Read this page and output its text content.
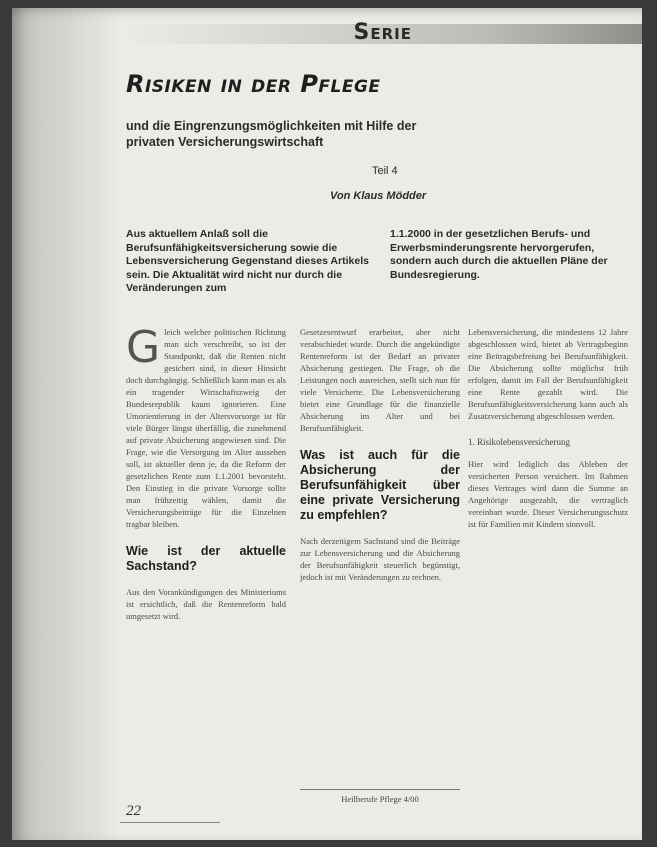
Serie
Risiken in der Pflege
und die Eingrenzungsmöglichkeiten mit Hilfe der privaten Versicherungswirtschaft
Teil 4
Von Klaus Mödder
Aus aktuellem Anlaß soll die Berufsunfähigkeitsversicherung sowie die Lebensversicherung Gegenstand dieses Artikels sein. Die Aktualität wird nicht nur durch die Veränderungen zum
1.1.2000 in der gesetzlichen Berufs- und Erwerbsminderungsrente hervorgerufen, sondern auch durch die aktuellen Pläne der Bundesregierung.
G leich welcher politischen Richtung man sich verschreibt, so ist der Standpunkt, daß die Renten nicht gesichert sind, in dieser Hinsicht doch durchgängig. Schließlich kann man es als ein tragender Wirtschaftszweig der Bundesrepublik kaum ignorieren. Eine Umorientierung in der Altersvorsorge ist für viele Bürger längst überfällig, die zunehmend auf private Absicherung angewiesen sind. Die Frage, wie die Versorgung im Alter aussehen soll, ist aktueller denn je, da die Reform der gesetzlichen Rente zum 1.1.2001 bevorsteht. Den Einstieg in die private Vorsorge sollte man frühzeitig wählen, damit die Versicherungsbeiträge für die Einzelnen tragbar bleiben.

Wie ist der aktuelle Sachstand?

Aus den Vorankündigungen des Ministeriums ist ersichtlich, daß die Rentenreform bald umgesetzt wird.

Gesetzesentwurf erarbeitet, aber nicht verabschiedet wurde. Durch die angekündigte Rentenreform ist der Bedarf an privater Absicherung gestiegen. Die Frage, ob die Leistungen noch ausreichen, stellt sich nun für viele Versicherte. Die Lebensversicherung bietet eine Grundlage für die finanzielle Absicherung im Alter und bei Berufsunfähigkeit.

Was ist auch für die Absicherung der Berufsunfähigkeit über eine private Versicherung zu empfehlen?

Nach derzeitigem Sachstand sind die Beiträge zur Lebensversicherung und die Absicherung der Berufsunfähigkeit steuerlich begünstigt, jedoch ist mit Veränderungen zu rechnen.

Lebensversicherung, die mindestens 12 Jahre abgeschlossen wird, bietet ab Vertragsbeginn eine Beitragsbefreiung bei Berufsunfähigkeit. Die Absicherung sollte möglichst früh erfolgen, damit im Fall der Berufsunfähigkeit eine Rente gezahlt wird. Die Berufsunfähigkeitsversicherung kann auch als Zusatzversicherung abgeschlossen werden.

1. Risikolebensversicherung

Hier wird lediglich das Ableben der versicherten Person versichert. Im Rahmen dieses Vertrages wird dann die Summe an Angehörige ausgezahlt, die vertraglich vereinbart wurde. Dieser Versicherungsschutz ist für Familien mit Kindern sinnvoll.

Heilberufe Pflege 4/00
22
